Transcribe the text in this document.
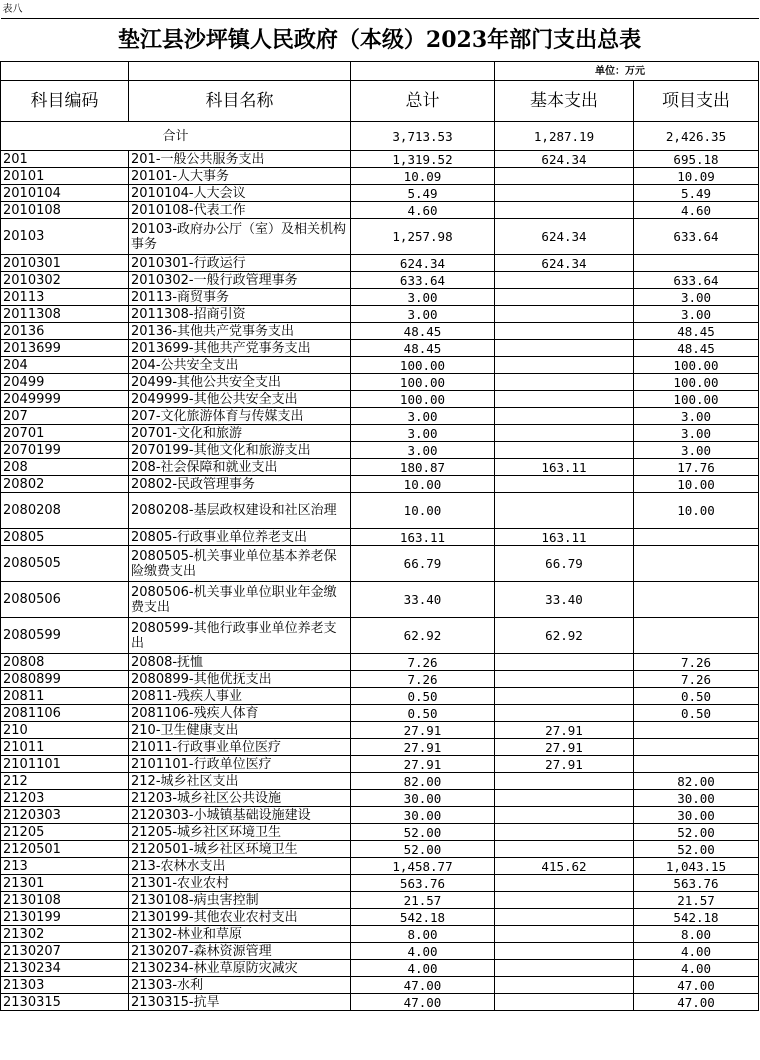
表八				
垫江县沙坪镇人民政府（本级）2023年部门支出总表				
			单位：万元	
科目编码	科目名称	总计	基本支出	项目支出
合计		3,713.53	1,287.19	2,426.35
201	201-一般公共服务支出	1,319.52	624.34	695.18
20101	20101-人大事务	10.09		10.09
2010104	2010104-人大会议	5.49		5.49
2010108	2010108-代表工作	4.60		4.60
20103	20103-政府办公厅（室）及相关机构事务	1,257.98	624.34	633.64
2010301	2010301-行政运行	624.34	624.34	
2010302	2010302-一般行政管理事务	633.64		633.64
20113	20113-商贸事务	3.00		3.00
2011308	2011308-招商引资	3.00		3.00
20136	20136-其他共产党事务支出	48.45		48.45
2013699	2013699-其他共产党事务支出	48.45		48.45
204	204-公共安全支出	100.00		100.00
20499	20499-其他公共安全支出	100.00		100.00
2049999	2049999-其他公共安全支出	100.00		100.00
207	207-文化旅游体育与传媒支出	3.00		3.00
20701	20701-文化和旅游	3.00		3.00
2070199	2070199-其他文化和旅游支出	3.00		3.00
208	208-社会保障和就业支出	180.87	163.11	17.76
20802	20802-民政管理事务	10.00		10.00
2080208	2080208-基层政权建设和社区治理	10.00		10.00
20805	20805-行政事业单位养老支出	163.11	163.11	
2080505	2080505-机关事业单位基本养老保险缴费支出	66.79	66.79	
2080506	2080506-机关事业单位职业年金缴费支出	33.40	33.40	
2080599	2080599-其他行政事业单位养老支出	62.92	62.92	
20808	20808-抚恤	7.26		7.26
2080899	2080899-其他优抚支出	7.26		7.26
20811	20811-残疾人事业	0.50		0.50
2081106	2081106-残疾人体育	0.50		0.50
210	210-卫生健康支出	27.91	27.91	
21011	21011-行政事业单位医疗	27.91	27.91	
2101101	2101101-行政单位医疗	27.91	27.91	
212	212-城乡社区支出	82.00		82.00
21203	21203-城乡社区公共设施	30.00		30.00
2120303	2120303-小城镇基础设施建设	30.00		30.00
21205	21205-城乡社区环境卫生	52.00		52.00
2120501	2120501-城乡社区环境卫生	52.00		52.00
213	213-农林水支出	1,458.77	415.62	1,043.15
21301	21301-农业农村	563.76		563.76
2130108	2130108-病虫害控制	21.57		21.57
2130199	2130199-其他农业农村支出	542.18		542.18
21302	21302-林业和草原	8.00		8.00
2130207	2130207-森林资源管理	4.00		4.00
2130234	2130234-林业草原防灾减灾	4.00		4.00
21303	21303-水利	47.00		47.00
2130315	2130315-抗旱	47.00		47.00
